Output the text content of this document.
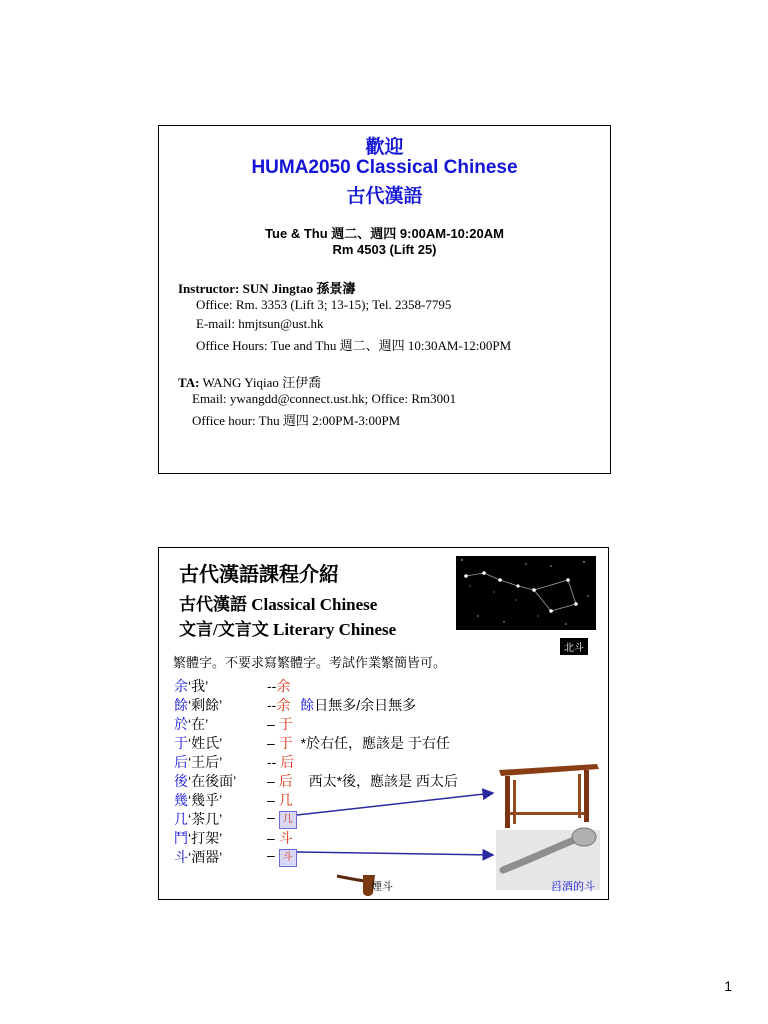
歡迎
HUMA2050 Classical Chinese
古代漢語
Tue & Thu 週二、週四 9:00AM-10:20AM
Rm 4503 (Lift 25)
Instructor: SUN Jingtao 孫景濤
Office: Rm. 3353 (Lift 3; 13-15); Tel. 2358-7795
E-mail: hmjtsun@ust.hk
Office Hours: Tue and Thu 週二、週四 10:30AM-12:00PM
TA: WANG Yiqiao 汪伊喬
Email: ywangdd@connect.ust.hk; Office: Rm3001
Office hour: Thu 週四 2:00PM-3:00PM
古代漢語課程介紹
古代漢語 Classical Chinese
文言/文言文 Literary Chinese
北斗
繁體字。不要求寫繁體字。考試作業繁簡皆可。
余‘我’	--余
餘‘剩餘’	--余 餘日無多/余日無多
於‘在’	– 于
于‘姓氏’	– 于 *於右任，應該是 于右任
后‘王后’	-- 后
後‘在後面’ – 后 西太*後，應該是 西太后
幾‘幾乎’	– 几
几‘茶几’	– 几
鬥‘打架’	– 斗
斗‘酒器’	– 斗
煙斗	舀酒的斗
1
